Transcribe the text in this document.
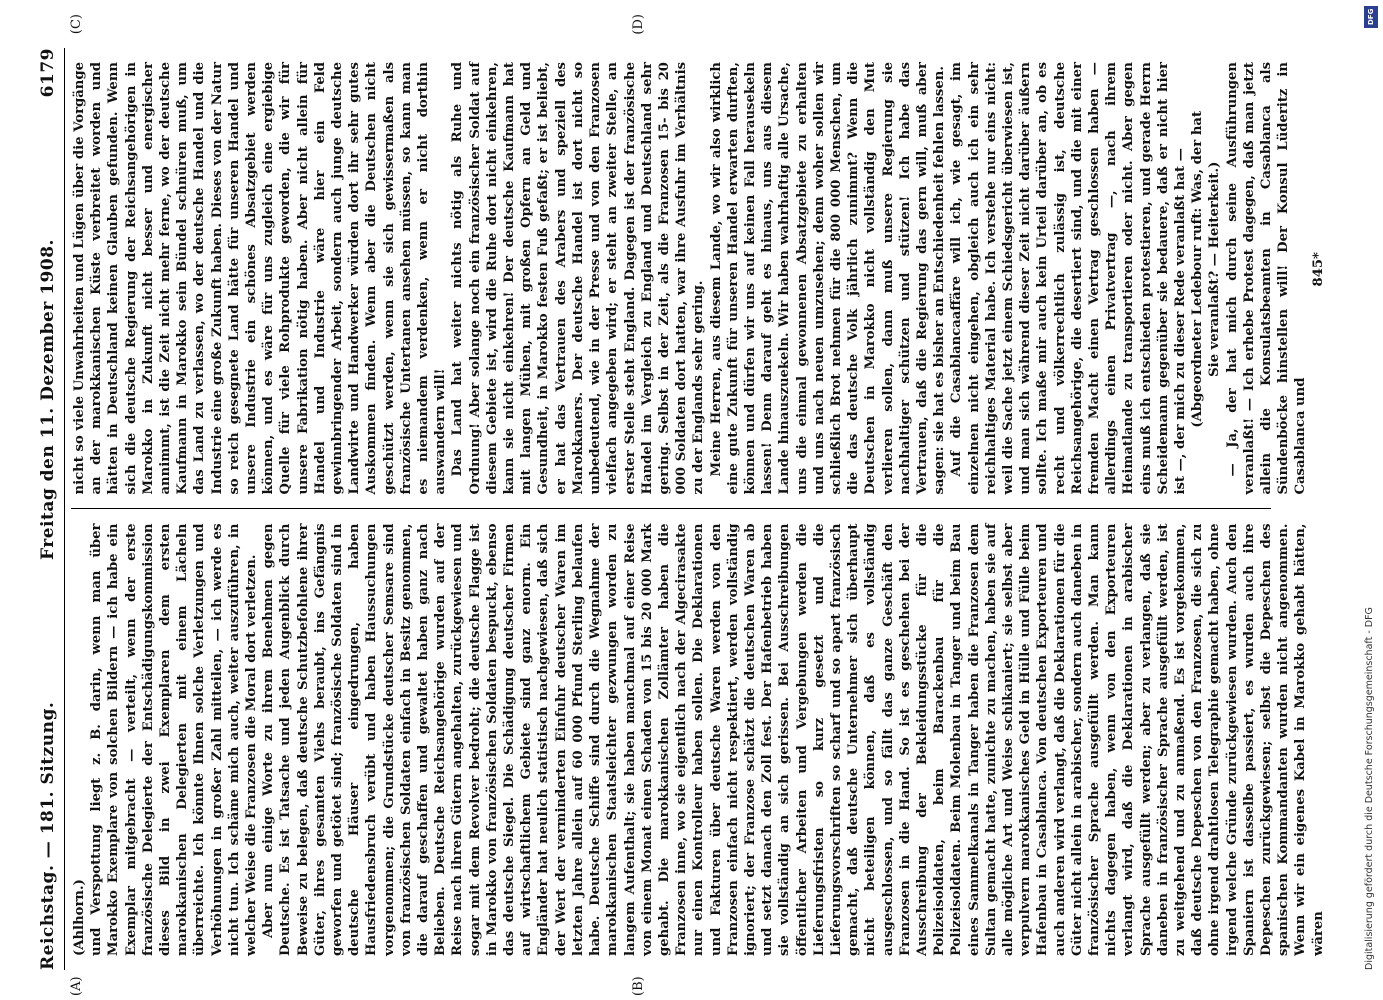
Reichstag. — 181. Sitzung.
Freitag den 11. Dezember 1908.
6179

(Ahlhorn.) und Verspottung liegt z. B. darin, wenn man über Marokko Exemplare von solchen Bildern — ich habe ein Exemplar mitgebracht — verteilt, wenn der erste französische Delegierte der Entschädigungskommission dieses Bild in zwei Exemplaren dem ersten marokkanischen Delegierten mit einem Lächeln überreichte. Ich könnte Ihnen solche Verletzungen und Verhöhnungen in großer Zahl mitteilen, — ich werde es nicht tun. Ich schäme mich auch, weiter auszuführen, in welcher Weise die Franzosen die Moral dort verletzen. Aber nun einige Worte zu ihrem Benehmen gegen Deutsche. Es ist Tatsache und jeden Augenblick durch Beweise zu belegen, daß deutsche Schutzbefohlene ihrer Güter, ihres gesamten Viehs beraubt, ins Gefängnis geworfen und getötet sind; französische Soldaten sind in deutsche Häuser eingedrungen, haben Hausfriedensbruch verübt und haben Haussuchungen vorgenommen; die Grundstücke deutscher Semsare sind von französischen Soldaten einfach in Besitz genommen, die darauf geschaffen und gewaltet haben ganz nach Belieben. Deutsche Reichsangehörige wurden auf der Reise nach ihren Gütern angehalten, zurückgewiesen und sogar mit dem Revolver bedroht; die deutsche Flagge ist in Marokko von französischen Soldaten bespuckt, ebenso das deutsche Siegel. Die Schädigung deutscher Firmen auf wirtschaftlichem Gebiete sind ganz enorm. Ein Engländer hat neulich statistisch nachgewiesen, daß sich der Wert der verminderten Einfuhr deutscher Waren im letzten Jahre allein auf 60 000 Pfund Sterling belaufen habe. Deutsche Schiffe sind durch die Wegnahme der marokkanischen Staatsleichter gezwungen worden zu langem Aufenthalt; sie haben manchmal auf einer Reise von einem Monat einen Schaden von 15 bis 20 000 Mark gehabt. Die marokkanischen Zollämter haben die Franzosen inne, wo sie eigentlich nach der Algecirasakte nur einen Kontrolleur haben sollen. Die Deklarationen und Fakturen über deutsche Waren werden von den Franzosen einfach nicht respektiert, werden vollständig ignoriert; der Franzose schätzt die deutschen Waren ab und setzt danach den Zoll fest. Der Hafenbetrieb haben sie vollständig an sich gerissen. Bei Ausschreibungen öffentlicher Arbeiten und Vergebungen werden die Lieferungsfristen so kurz gesetzt und die Lieferungsvorschriften so scharf und so apart französisch gemacht, daß deutsche Unternehmer sich überhaupt nicht beteiligen können, daß es vollständig ausgeschlossen, und so fällt das ganze Geschäft den Franzosen in die Hand. So ist es geschehen bei der Ausschreibung der Bekleidungsstücke für die Polizeisoldaten, beim Barackenbau für die Polizeisoldaten. Beim Molenbau in Tanger und beim Bau eines Sammelkanals in Tanger haben die Franzosen dem Sultan gemacht hatte, zunichte zu machen, haben sie auf alle mögliche Art und Weise schikaniert; sie selbst aber verpulvern marokkanisches Geld in Hülle und Fülle beim Hafenbau in Casablanca. Von deutschen Exporteuren und auch anderen wird verlangt, daß die Deklarationen für die Güter nicht allein in arabischer, sondern auch daneben in französischer Sprache ausgefüllt werden. Man kann nichts dagegen haben, wenn von den Exporteuren verlangt wird, daß die Deklarationen in arabischer Sprache ausgefüllt werden; aber zu verlangen, daß sie daneben in französischer Sprache ausgefüllt werden, ist zu weitgehend und zu anmaßend. Es ist vorgekommen, daß deutsche Depeschen von den Franzosen, die sich zu ohne irgend drahtlosen Telegraphie gemacht haben, ohne irgend welche Gründe zurückgewiesen wurden. Auch den Spaniern ist dasselbe passiert, es wurden auch ihre Depeschen zurückgewiesen; selbst die Depeschen des spanischen Kommandanten wurden nicht angenommen. Wenn wir ein eigenes Kabel in Marokko gehabt hätten, wären

nicht so viele Unwahrheiten und Lügen über die Vorgänge an der marokkanischen Küste verbreitet worden und hätten in Deutschland keinen Glauben gefunden. Wenn sich die deutsche Regierung der Reichsangehörigen in Marokko in Zukunft nicht besser und energischer annimmt, ist die Zeit nicht mehr ferne, wo der deutsche Kaufmann in Marokko sein Bündel schnüren muß, um das Land zu verlassen, wo der deutsche Handel und die Industrie eine große Zukunft haben. Dieses von der Natur so reich gesegnete Land hätte für unseren Handel und unsere Industrie ein schönes Absatzgebiet werden können, und es wäre für uns zugleich eine ergiebige Quelle für viele Rohprodukte geworden, die wir für unsere Fabrikation nötig haben. Aber nicht allein für Handel und Industrie wäre hier ein Feld gewinnbringender Arbeit, sondern auch junge deutsche Landwirte und Handwerker würden dort ihr sehr gutes Auskommen finden. Wenn aber die Deutschen nicht geschützt werden, wenn sie sich gewissermaßen als französische Untertanen ansehen müssen, so kann man es niemandem verdenken, wenn er nicht dorthin auswandern will! Das Land hat weiter nichts nötig als Ruhe und Ordnung! Aber solange noch ein französischer Soldat auf diesem Gebiete ist, wird die Ruhe dort nicht einkehren, kann sie nicht einkehren! Der deutsche Kaufmann hat mit langen Mühen, mit großen Opfern an Geld und Gesundheit, in Marokko festen Fuß gefaßt; er ist beliebt, er hat das Vertrauen des Arabers und speziell des Marokkaners. Der deutsche Handel ist dort nicht so unbedeutend, wie in der Presse und von den Franzosen vielfach angegeben wird; er steht an zweiter Stelle, an erster Stelle steht England. Dagegen ist der französische Handel im Vergleich zu England und Deutschland sehr gering. Selbst in der Zeit, als die Franzosen 15- bis 20 000 Soldaten dort hatten, war ihre Ausfuhr im Verhältnis zu der Englands sehr gering. Meine Herren, aus diesem Lande, wo wir also wirklich eine gute Zukunft für unseren Handel erwarten durften, können und dürfen wir uns auf keinen Fall herausekeln lassen! Denn darauf geht es hinaus, uns aus diesem Lande hinauszuekeln. Wir haben wahrhaftig alle Ursache, uns die einmal gewonnenen Absatzgebiete zu erhalten und uns nach neuen umzusehen; denn woher sollen wir schließlich Brot nehmen für die 800 000 Menschen, um die das deutsche Volk jährlich zunimmt? Wenn die Deutschen in Marokko nicht vollständig den Mut verlieren sollen, dann muß unsere Regierung sie nachhaltiger schützen und stützen! Ich habe das Vertrauen, daß die Regierung das gern will, muß aber sagen: sie hat es bisher an Entschiedenheit fehlen lassen. Auf die Casablancaaffäre will ich, wie gesagt, im einzelnen nicht eingehen, obgleich auch ich ein sehr reichhaltiges Material habe. Ich verstehe nur eins nicht: weil die Sache jetzt einem Schiedsgericht überwiesen ist, und man sich während dieser Zeit nicht darüber äußern sollte. Ich maße mir auch kein Urteil darüber an, ob es recht und völkerrechtlich zulässig ist, deutsche Reichsangehörige, die desertiert sind, und die mit einer fremden Macht einen Vertrag geschlossen haben — allerdings einen Privatvertrag —, nach ihrem Heimatlande zu transportieren oder nicht. Aber gegen eins muß ich entschieden protestieren, und gerade Herrn Scheidemann gegenüber sie bedauere, daß er nicht hier ist —, der mich zu dieser Rede veranlaßt hat — (Abgeordneter Ledebour ruft: Was, der hat Sie veranlaßt? — Heiterkeit.) — Ja, der hat mich durch seine Ausführungen veranlaßt! — Ich erhebe Protest dagegen, daß man jetzt allein die Konsulatsbeamten in Casablanca als Sündenböcke hinstellen will! Der Konsul Lüderitz in Casablanca und

845*

(A)	(B)
(C)	(D)	DFG
Digitalisierung gefördert durch die Deutsche Forschungsgemeinschaft - DFG
